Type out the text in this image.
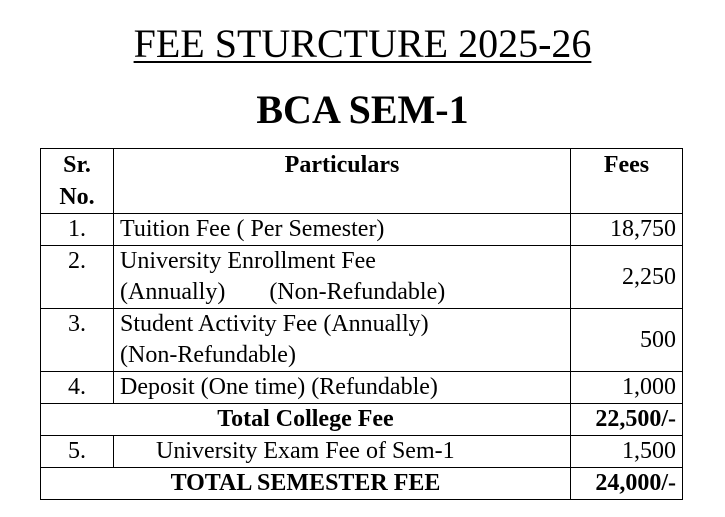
FEE STURCTURE 2025-26
BCA SEM-1
Sr.
No.	Particulars	Fees
1.	Tuition Fee ( Per Semester)	18,750
2.	University Enrollment Fee
(Annually) (Non-Refundable)	2,250
3.	Student Activity Fee (Annually)
(Non-Refundable)	500
4.	Deposit (One time) (Refundable)	1,000
Total College Fee		22,500/-
5.	University Exam Fee of Sem-1	1,500
TOTAL SEMESTER FEE		24,000/-
